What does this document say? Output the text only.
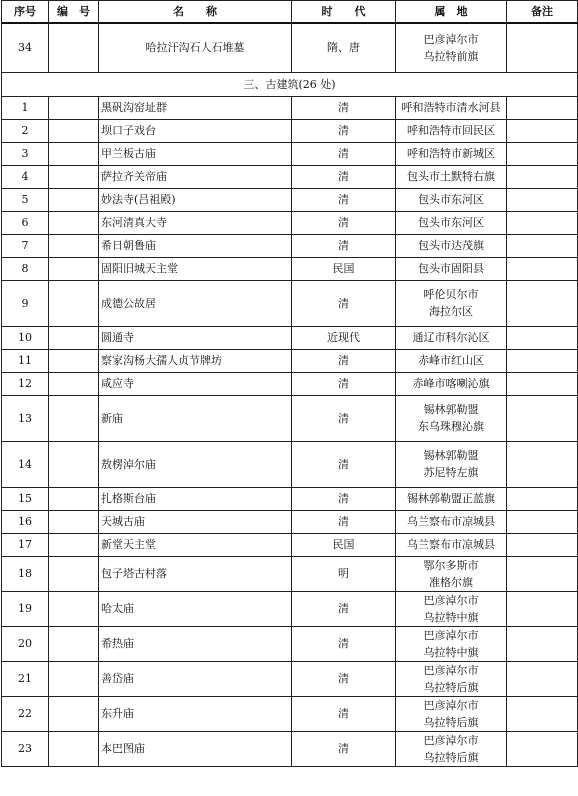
序号	编　号	名　　称	时　　代	属　地	备注
34		哈拉汗沟石人石堆墓	隋、唐	巴彦淖尔市
乌拉特前旗	

三、古建筑(26 处)					
1		黑矾沟窑址群	清	呼和浩特市清水河县	

2		坝口子戏台	清	呼和浩特市回民区	

3		甲兰板古庙	清	呼和浩特市新城区	

4		萨拉齐关帝庙	清	包头市土默特右旗	

5		妙法寺(吕祖殿)	清	包头市东河区	

6		东河清真大寺	清	包头市东河区	

7		希日朝鲁庙	清	包头市达茂旗	

8		固阳旧城天主堂	民国	包头市固阳县	

9		成德公故居	清	呼伦贝尔市
海拉尔区	

10		圆通寺	近现代	通辽市科尔沁区	

11		察家沟杨大孺人贞节牌坊	清	赤峰市红山区	

12		咸应寺	清	赤峰市喀喇沁旗	

13		新庙	清	锡林郭勒盟
东乌珠穆沁旗	

14		敖楞淖尔庙	清	锡林郭勒盟
苏尼特左旗	

15		扎格斯台庙	清	锡林郭勒盟正蓝旗	

16		天城古庙	清	乌兰察布市凉城县	

17		新堂天主堂	民国	乌兰察布市凉城县	

18		包子塔古村落	明	鄂尔多斯市
准格尔旗	

19		哈太庙	清	巴彦淖尔市
乌拉特中旗	

20		希热庙	清	巴彦淖尔市
乌拉特中旗	

21		善岱庙	清	巴彦淖尔市
乌拉特后旗	

22		东升庙	清	巴彦淖尔市
乌拉特后旗	

23		本巴图庙	清	巴彦淖尔市
乌拉特后旗	
